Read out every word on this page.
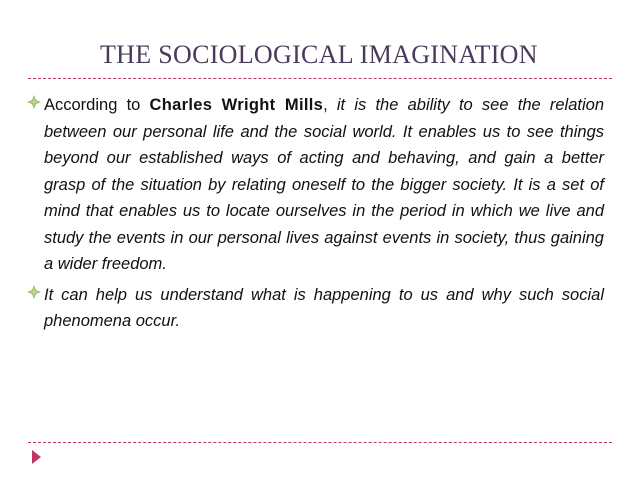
THE SOCIOLOGICAL IMAGINATION
According to Charles Wright Mills, it is the ability to see the relation between our personal life and the social world. It enables us to see things beyond our established ways of acting and behaving, and gain a better grasp of the situation by relating oneself to the bigger society. It is a set of mind that enables us to locate ourselves in the period in which we live and study the events in our personal lives against events in society, thus gaining a wider freedom.
It can help us understand what is happening to us and why such social phenomena occur.
